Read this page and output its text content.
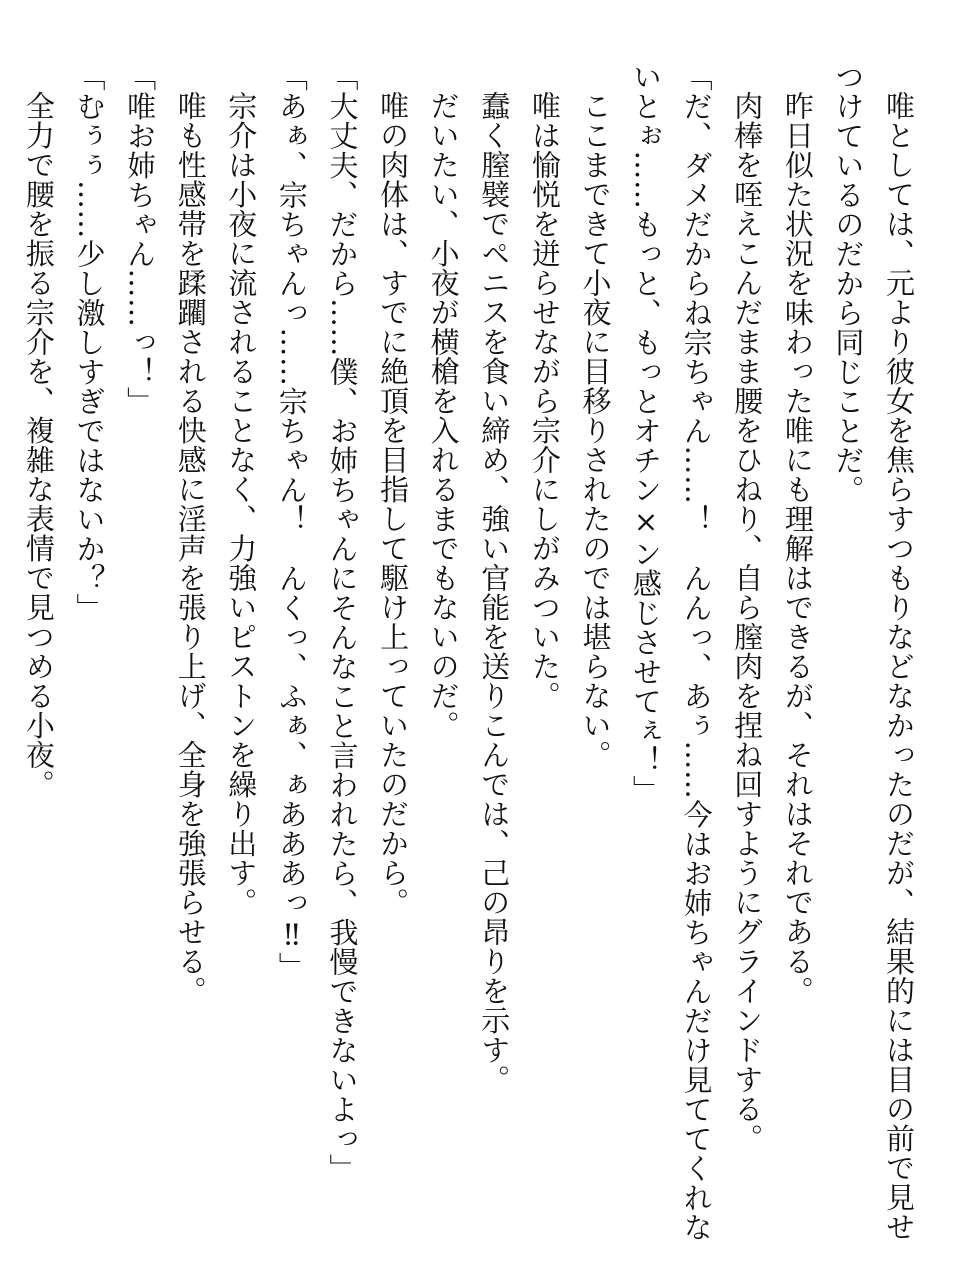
唯としては、元より彼女を焦らすつもりなどなかったのだが、結果的には目の前で見せ

つけているのだから同じことだ。

昨日似た状況を味わった唯にも理解はできるが、それはそれである。

肉棒を咥えこんだまま腰をひねり、自ら膣肉を捏ね回すようにグラインドする。

「だ、ダメだからね宗ちゃん……！　んんっ、あぅ……今はお姉ちゃんだけ見ててくれな

いとぉ……もっと、もっとオチン×ン感じさせてぇ！」

ここまできて小夜に目移りされたのでは堪らない。

唯は愉悦を迸らせながら宗介にしがみついた。

蠢く膣襞でペニスを食い締め、強い官能を送りこんでは、己の昂りを示す。

だいたい、小夜が横槍を入れるまでもないのだ。

唯の肉体は、すでに絶頂を目指して駆け上っていたのだから。

「大丈夫、だから……僕、お姉ちゃんにそんなこと言われたら、我慢できないよっ」

「あぁ、宗ちゃんっ……宗ちゃん！　んくっ、ふぁ、ぁあああっ‼」

宗介は小夜に流されることなく、力強いピストンを繰り出す。

唯も性感帯を蹂躙される快感に淫声を張り上げ、全身を強張らせる。

「唯お姉ちゃん……っ！」

「むぅぅ……少し激しすぎではないか？」

全力で腰を振る宗介を、複雑な表情で見つめる小夜。
